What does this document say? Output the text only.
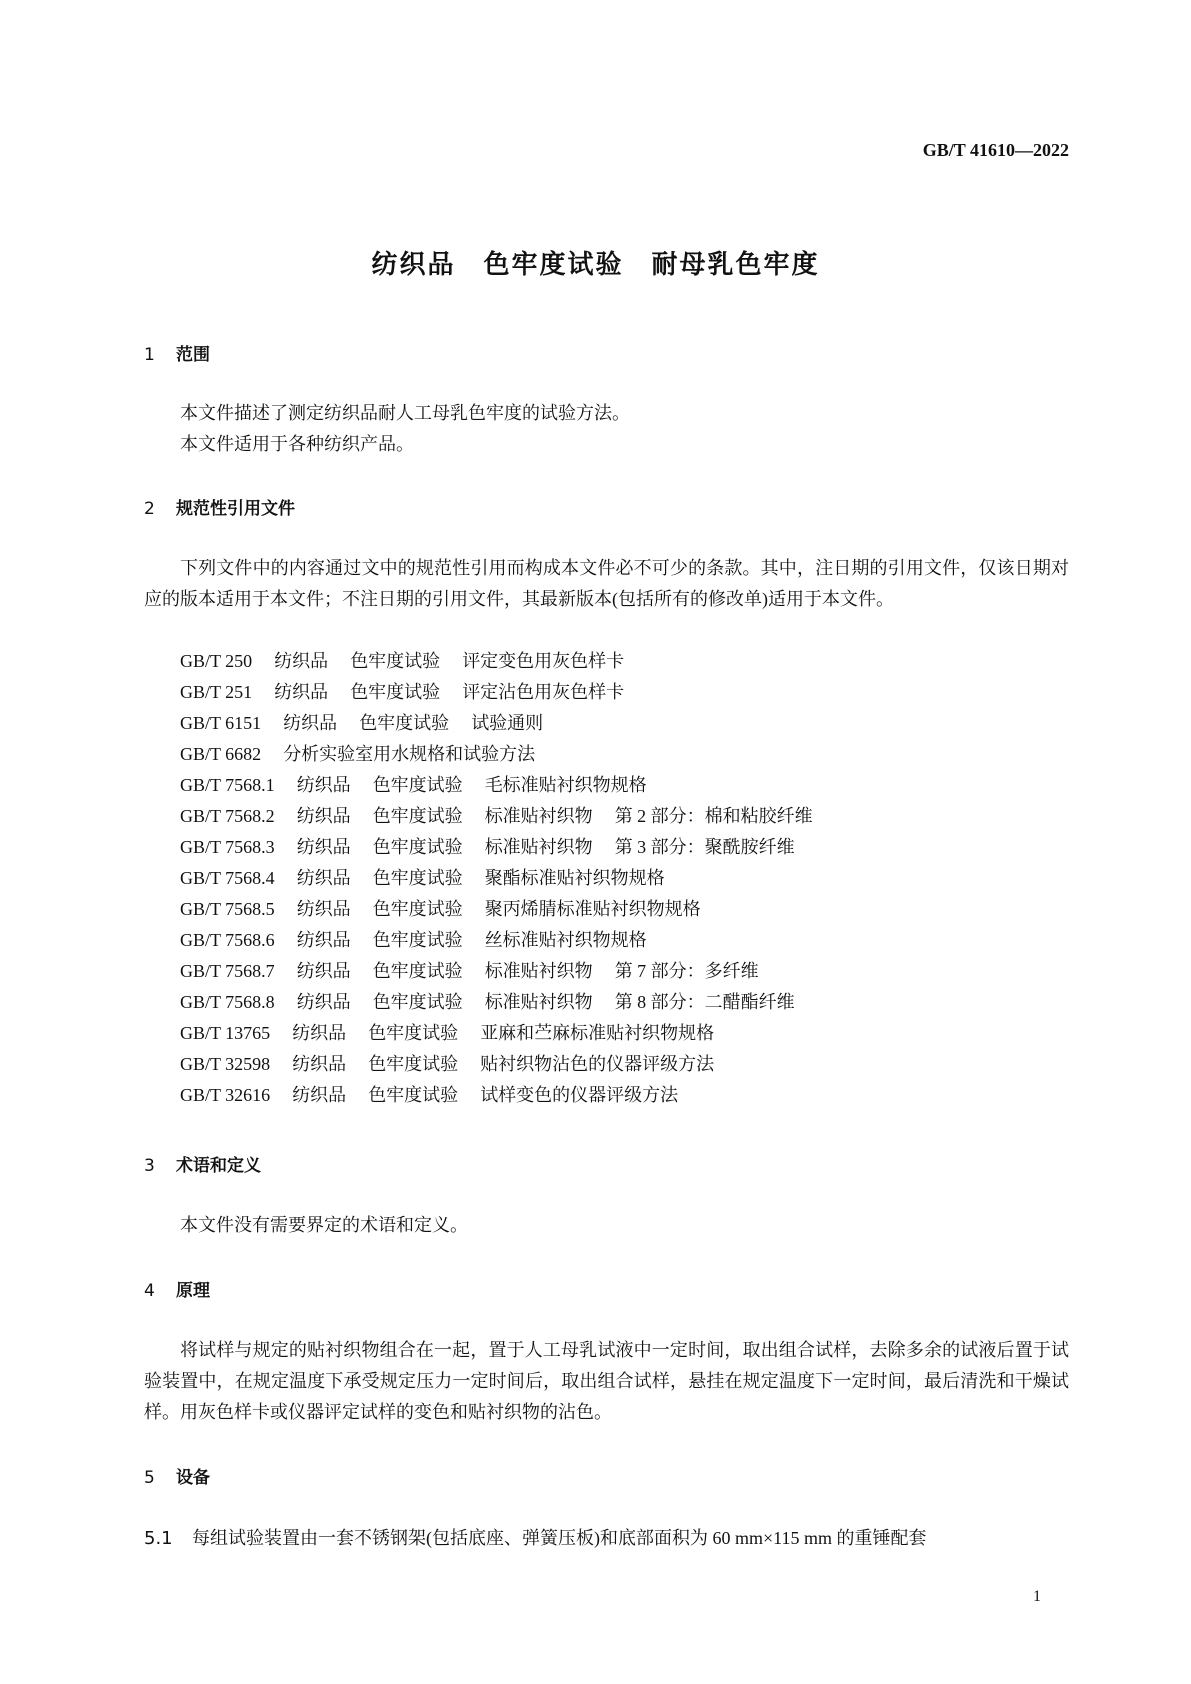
GB/T 41610—2022
纺织品 色牢度试验 耐母乳色牢度
1 范围

本文件描述了测定纺织品耐人工母乳色牢度的试验方法。

本文件适用于各种纺织产品。

2 规范性引用文件

下列文件中的内容通过文中的规范性引用而构成本文件必不可少的条款。其中，注日期的引用文件，仅该日期对应的版本适用于本文件；不注日期的引用文件，其最新版本(包括所有的修改单)适用于本文件。

GB/T 250 纺织品 色牢度试验 评定变色用灰色样卡
GB/T 251 纺织品 色牢度试验 评定沾色用灰色样卡
GB/T 6151 纺织品 色牢度试验 试验通则
GB/T 6682 分析实验室用水规格和试验方法
GB/T 7568.1 纺织品 色牢度试验 毛标准贴衬织物规格
GB/T 7568.2 纺织品 色牢度试验 标准贴衬织物 第 2 部分：棉和粘胶纤维
GB/T 7568.3 纺织品 色牢度试验 标准贴衬织物 第 3 部分：聚酰胺纤维
GB/T 7568.4 纺织品 色牢度试验 聚酯标准贴衬织物规格
GB/T 7568.5 纺织品 色牢度试验 聚丙烯腈标准贴衬织物规格
GB/T 7568.6 纺织品 色牢度试验 丝标准贴衬织物规格
GB/T 7568.7 纺织品 色牢度试验 标准贴衬织物 第 7 部分：多纤维
GB/T 7568.8 纺织品 色牢度试验 标准贴衬织物 第 8 部分：二醋酯纤维
GB/T 13765 纺织品 色牢度试验 亚麻和苎麻标准贴衬织物规格
GB/T 32598 纺织品 色牢度试验 贴衬织物沾色的仪器评级方法
GB/T 32616 纺织品 色牢度试验 试样变色的仪器评级方法
3 术语和定义

本文件没有需要界定的术语和定义。

4 原理

将试样与规定的贴衬织物组合在一起，置于人工母乳试液中一定时间，取出组合试样，去除多余的试液后置于试验装置中，在规定温度下承受规定压力一定时间后，取出组合试样，悬挂在规定温度下一定时间，最后清洗和干燥试样。用灰色样卡或仪器评定试样的变色和贴衬织物的沾色。

5 设备
5.1 每组试验装置由一套不锈钢架(包括底座、弹簧压板)和底部面积为 60 mm×115 mm 的重锤配套
1
